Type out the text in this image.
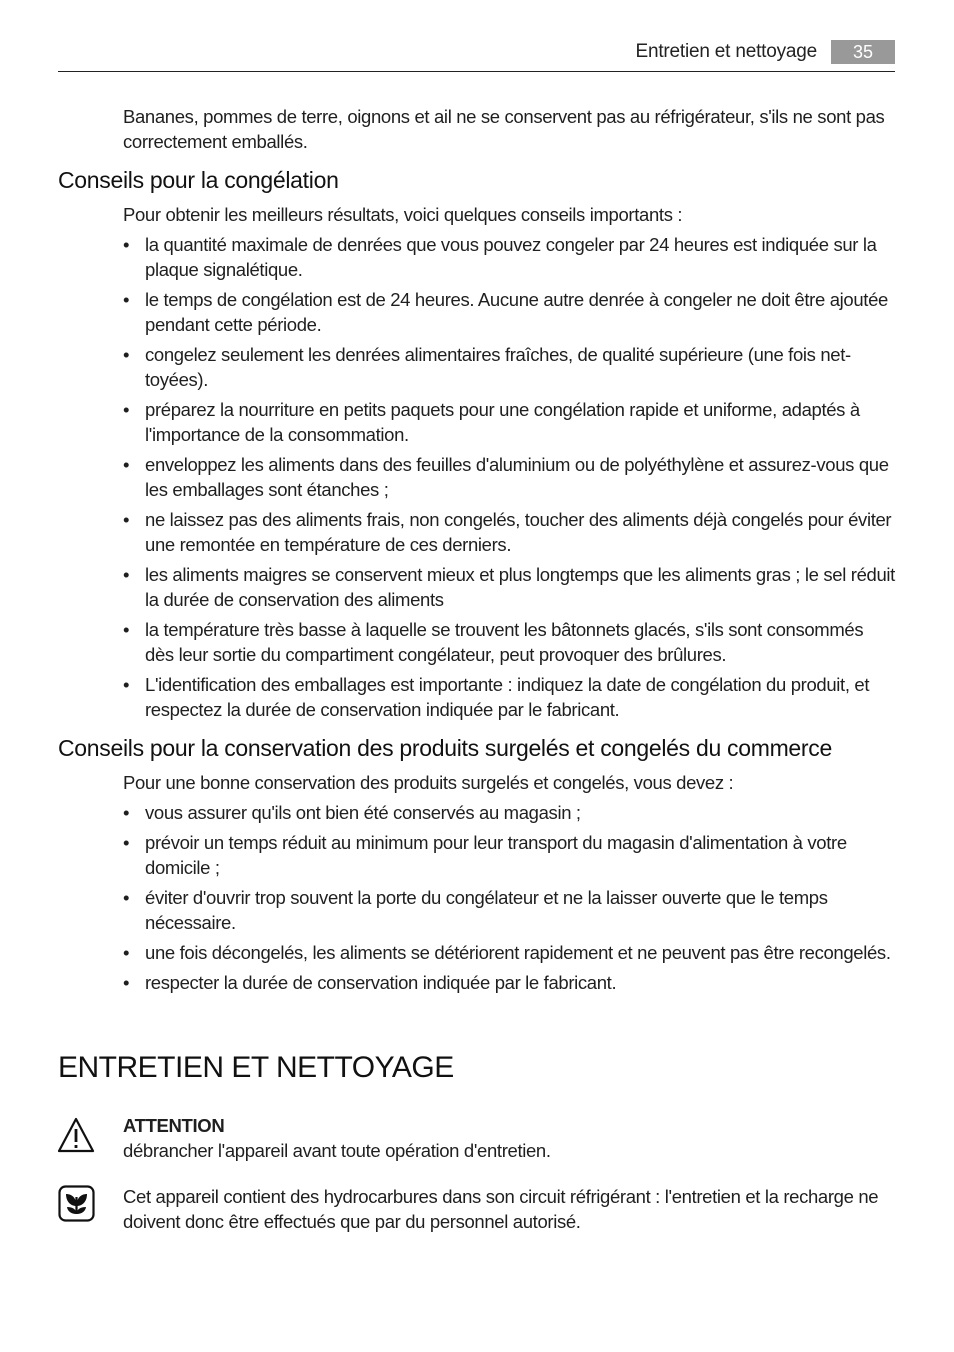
Entretien et nettoyage	35
Bananes, pommes de terre, oignons et ail ne se conservent pas au réfrigérateur, s'ils ne sont pas correctement emballés.
Conseils pour la congélation
Pour obtenir les meilleurs résultats, voici quelques conseils importants :
• la quantité maximale de denrées que vous pouvez congeler par 24 heures est indiquée sur la plaque signalétique.
• le temps de congélation est de 24 heures. Aucune autre denrée à congeler ne doit être ajoutée pendant cette période.
• congelez seulement les denrées alimentaires fraîches, de qualité supérieure (une fois nettoyées).
• préparez la nourriture en petits paquets pour une congélation rapide et uniforme, adaptés à l'importance de la consommation.
• enveloppez les aliments dans des feuilles d'aluminium ou de polyéthylène et assurez-vous que les emballages sont étanches ;
• ne laissez pas des aliments frais, non congelés, toucher des aliments déjà congelés pour éviter une remontée en température de ces derniers.
• les aliments maigres se conservent mieux et plus longtemps que les aliments gras ; le sel réduit la durée de conservation des aliments
• la température très basse à laquelle se trouvent les bâtonnets glacés, s'ils sont consommés dès leur sortie du compartiment congélateur, peut provoquer des brûlures.
• L'identification des emballages est importante : indiquez la date de congélation du produit, et respectez la durée de conservation indiquée par le fabricant.
Conseils pour la conservation des produits surgelés et congelés du commerce
Pour une bonne conservation des produits surgelés et congelés, vous devez :
• vous assurer qu'ils ont bien été conservés au magasin ;
• prévoir un temps réduit au minimum pour leur transport du magasin d'alimentation à votre domicile ;
• éviter d'ouvrir trop souvent la porte du congélateur et ne la laisser ouverte que le temps nécessaire.
• une fois décongelés, les aliments se détériorent rapidement et ne peuvent pas être recongelés.
• respecter la durée de conservation indiquée par le fabricant.
ENTRETIEN ET NETTOYAGE
ATTENTION
débrancher l'appareil avant toute opération d'entretien.
Cet appareil contient des hydrocarbures dans son circuit réfrigérant : l'entretien et la recharge ne doivent donc être effectués que par du personnel autorisé.
